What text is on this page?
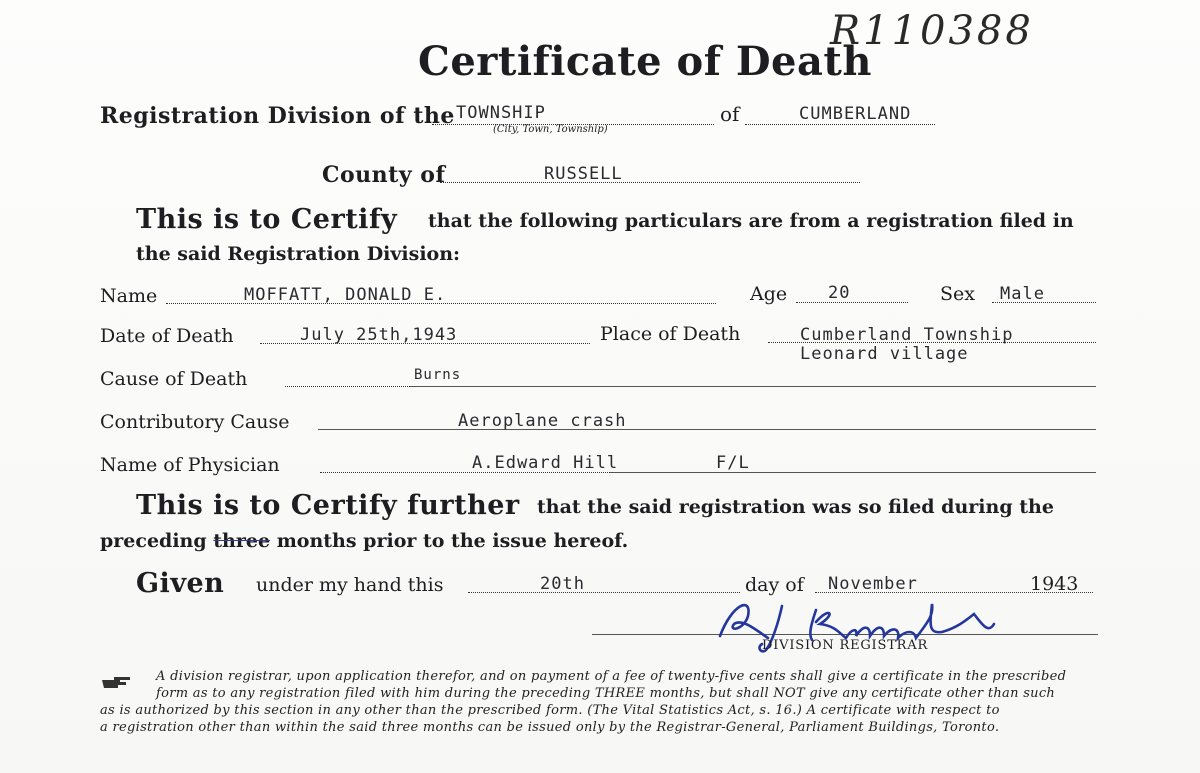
Certificate of Death
R110388
Registration Division of the TOWNSHIP
(City, Town, Township)
of	CUMBERLAND
County of	RUSSELL
This is to Certify that the following particulars are from a registration filed in
the said Registration Division:
Name	MOFFATT, DONALD E.	Age 20	Sex Male
Date of Death	July 25th,1943	Place of Death	Cumberland Township
Leonard village
Cause of Death	Burns
Contributory Cause	Aeroplane crash
Name of Physician	A.Edward Hill	F/L
This is to Certify further that the said registration was so filed during the
preceding three months prior to the issue hereof.
Given under my hand this	20th	day of November	1943
DIVISION REGISTRAR
A division registrar, upon application therefor, and on payment of a fee of twenty-five cents shall give a certificate in the prescribed
form as to any registration filed with him during the preceding THREE months, but shall NOT give any certificate other than such
as is authorized by this section in any other than the prescribed form. (The Vital Statistics Act, s. 16.) A certificate with respect to
a registration other than within the said three months can be issued only by the Registrar-General, Parliament Buildings, Toronto.
